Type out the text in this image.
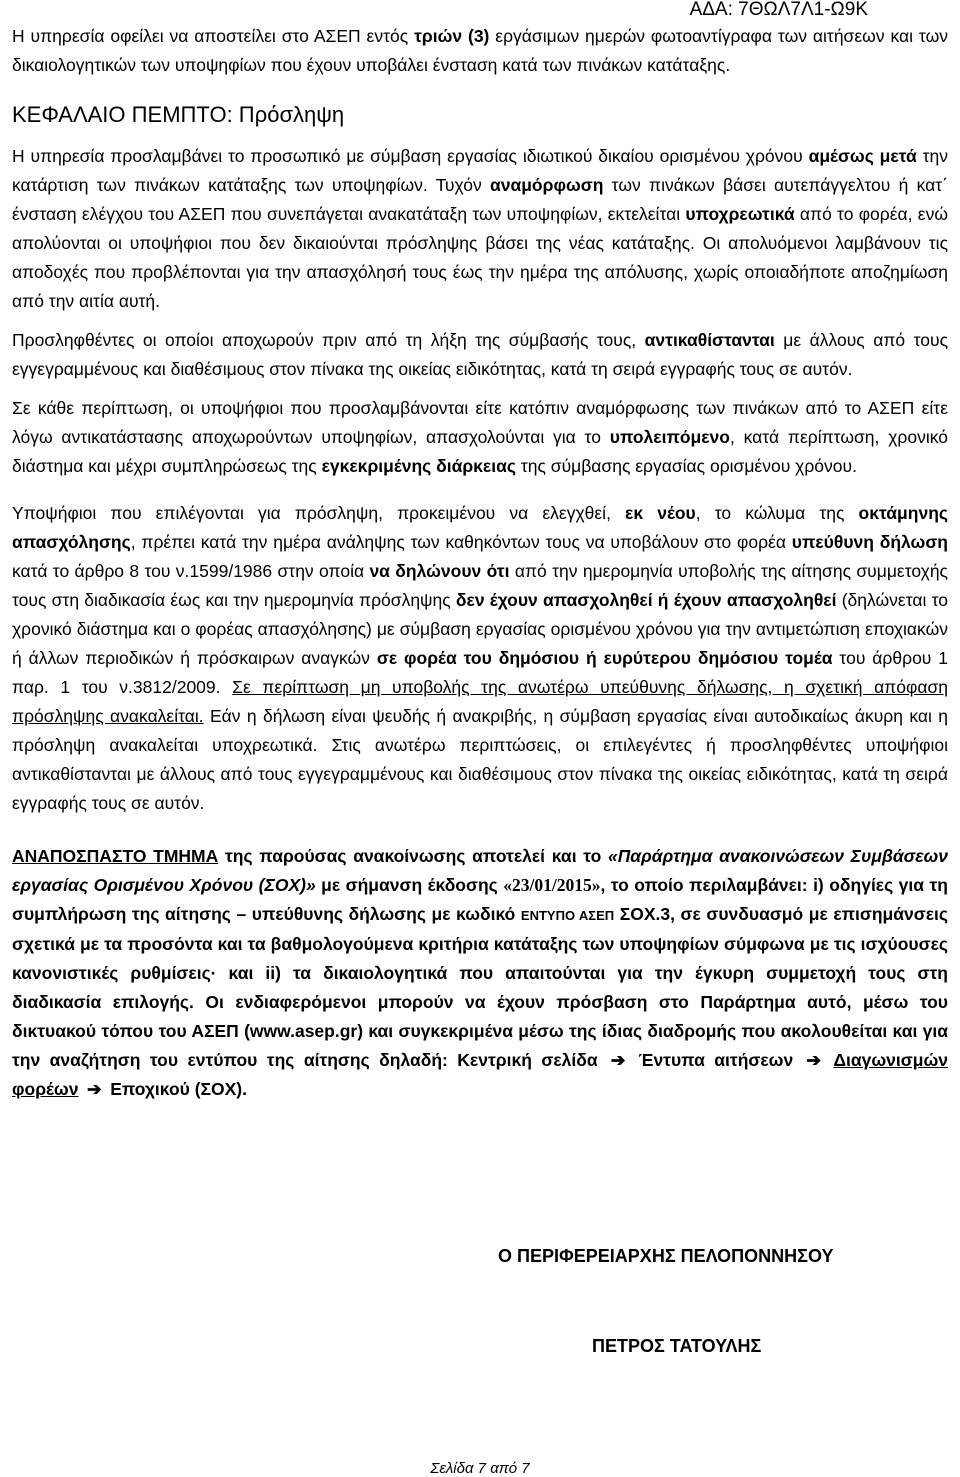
ΑΔΑ: 7ΘΩΛ7Λ1-Ω9Κ

Η υπηρεσία οφείλει να αποστείλει στο ΑΣΕΠ εντός τριών (3) εργάσιμων ημερών φωτοαντίγραφα των αιτήσεων και των δικαιολογητικών των υποψηφίων που έχουν υποβάλει ένσταση κατά των πινάκων κατάταξης.

ΚΕΦΑΛΑΙΟ ΠΕΜΠΤΟ: Πρόσληψη

Η υπηρεσία προσλαμβάνει το προσωπικό με σύμβαση εργασίας ιδιωτικού δικαίου ορισμένου χρόνου αμέσως μετά την κατάρτιση των πινάκων κατάταξης των υποψηφίων. Τυχόν αναμόρφωση των πινάκων βάσει αυτεπάγγελτου ή κατ΄ ένσταση ελέγχου του ΑΣΕΠ που συνεπάγεται ανακατάταξη των υποψηφίων, εκτελείται υποχρεωτικά από το φορέα, ενώ απολύονται οι υποψήφιοι που δεν δικαιούνται πρόσληψης βάσει της νέας κατάταξης. Οι απολυόμενοι λαμβάνουν τις αποδοχές που προβλέπονται για την απασχόλησή τους έως την ημέρα της απόλυσης, χωρίς οποιαδήποτε αποζημίωση από την αιτία αυτή.

Προσληφθέντες οι οποίοι αποχωρούν πριν από τη λήξη της σύμβασής τους, αντικαθίστανται με άλλους από τους εγγεγραμμένους και διαθέσιμους στον πίνακα της οικείας ειδικότητας, κατά τη σειρά εγγραφής τους σε αυτόν.

Σε κάθε περίπτωση, οι υποψήφιοι που προσλαμβάνονται είτε κατόπιν αναμόρφωσης των πινάκων από το ΑΣΕΠ είτε λόγω αντικατάστασης αποχωρούντων υποψηφίων, απασχολούνται για το υπολειπόμενο, κατά περίπτωση, χρονικό διάστημα και μέχρι συμπληρώσεως της εγκεκριμένης διάρκειας της σύμβασης εργασίας ορισμένου χρόνου.

Υποψήφιοι που επιλέγονται για πρόσληψη, προκειμένου να ελεγχθεί, εκ νέου, το κώλυμα της οκτάμηνης απασχόλησης, πρέπει κατά την ημέρα ανάληψης των καθηκόντων τους να υποβάλουν στο φορέα υπεύθυνη δήλωση κατά το άρθρο 8 του ν.1599/1986 στην οποία να δηλώνουν ότι από την ημερομηνία υποβολής της αίτησης συμμετοχής τους στη διαδικασία έως και την ημερομηνία πρόσληψης δεν έχουν απασχοληθεί ή έχουν απασχοληθεί (δηλώνεται το χρονικό διάστημα και ο φορέας απασχόλησης) με σύμβαση εργασίας ορισμένου χρόνου για την αντιμετώπιση εποχιακών ή άλλων περιοδικών ή πρόσκαιρων αναγκών σε φορέα του δημόσιου ή ευρύτερου δημόσιου τομέα του άρθρου 1 παρ. 1 του ν.3812/2009. Σε περίπτωση μη υποβολής της ανωτέρω υπεύθυνης δήλωσης, η σχετική απόφαση πρόσληψης ανακαλείται. Εάν η δήλωση είναι ψευδής ή ανακριβής, η σύμβαση εργασίας είναι αυτοδικαίως άκυρη και η πρόσληψη ανακαλείται υποχρεωτικά. Στις ανωτέρω περιπτώσεις, οι επιλεγέντες ή προσληφθέντες υποψήφιοι αντικαθίστανται με άλλους από τους εγγεγραμμένους και διαθέσιμους στον πίνακα της οικείας ειδικότητας, κατά τη σειρά εγγραφής τους σε αυτόν.

ΑΝΑΠΟΣΠΑΣΤΟ ΤΜΗΜΑ της παρούσας ανακοίνωσης αποτελεί και το «Παράρτημα ανακοινώσεων Συμβάσεων εργασίας Ορισμένου Χρόνου (ΣΟΧ)» με σήμανση έκδοσης «23/01/2015», το οποίο περιλαμβάνει: i) οδηγίες για τη συμπλήρωση της αίτησης – υπεύθυνης δήλωσης με κωδικό ΕΝΤΥΠΟ ΑΣΕΠ ΣΟΧ.3, σε συνδυασμό με επισημάνσεις σχετικά με τα προσόντα και τα βαθμολογούμενα κριτήρια κατάταξης των υποψηφίων σύμφωνα με τις ισχύουσες κανονιστικές ρυθμίσεις· και ii) τα δικαιολογητικά που απαιτούνται για την έγκυρη συμμετοχή τους στη διαδικασία επιλογής. Οι ενδιαφερόμενοι μπορούν να έχουν πρόσβαση στο Παράρτημα αυτό, μέσω του δικτυακού τόπου του ΑΣΕΠ (www.asep.gr) και συγκεκριμένα μέσω της ίδιας διαδρομής που ακολουθείται και για την αναζήτηση του εντύπου της αίτησης δηλαδή: Κεντρική σελίδα ➔ Έντυπα αιτήσεων ➔ Διαγωνισμών φορέων ➔ Εποχικού (ΣΟΧ).

Ο ΠΕΡΙΦΕΡΕΙΑΡΧΗΣ ΠΕΛΟΠΟΝΝΗΣΟΥ
ΠΕΤΡΟΣ ΤΑΤΟΥΛΗΣ
Σελίδα 7 από 7
